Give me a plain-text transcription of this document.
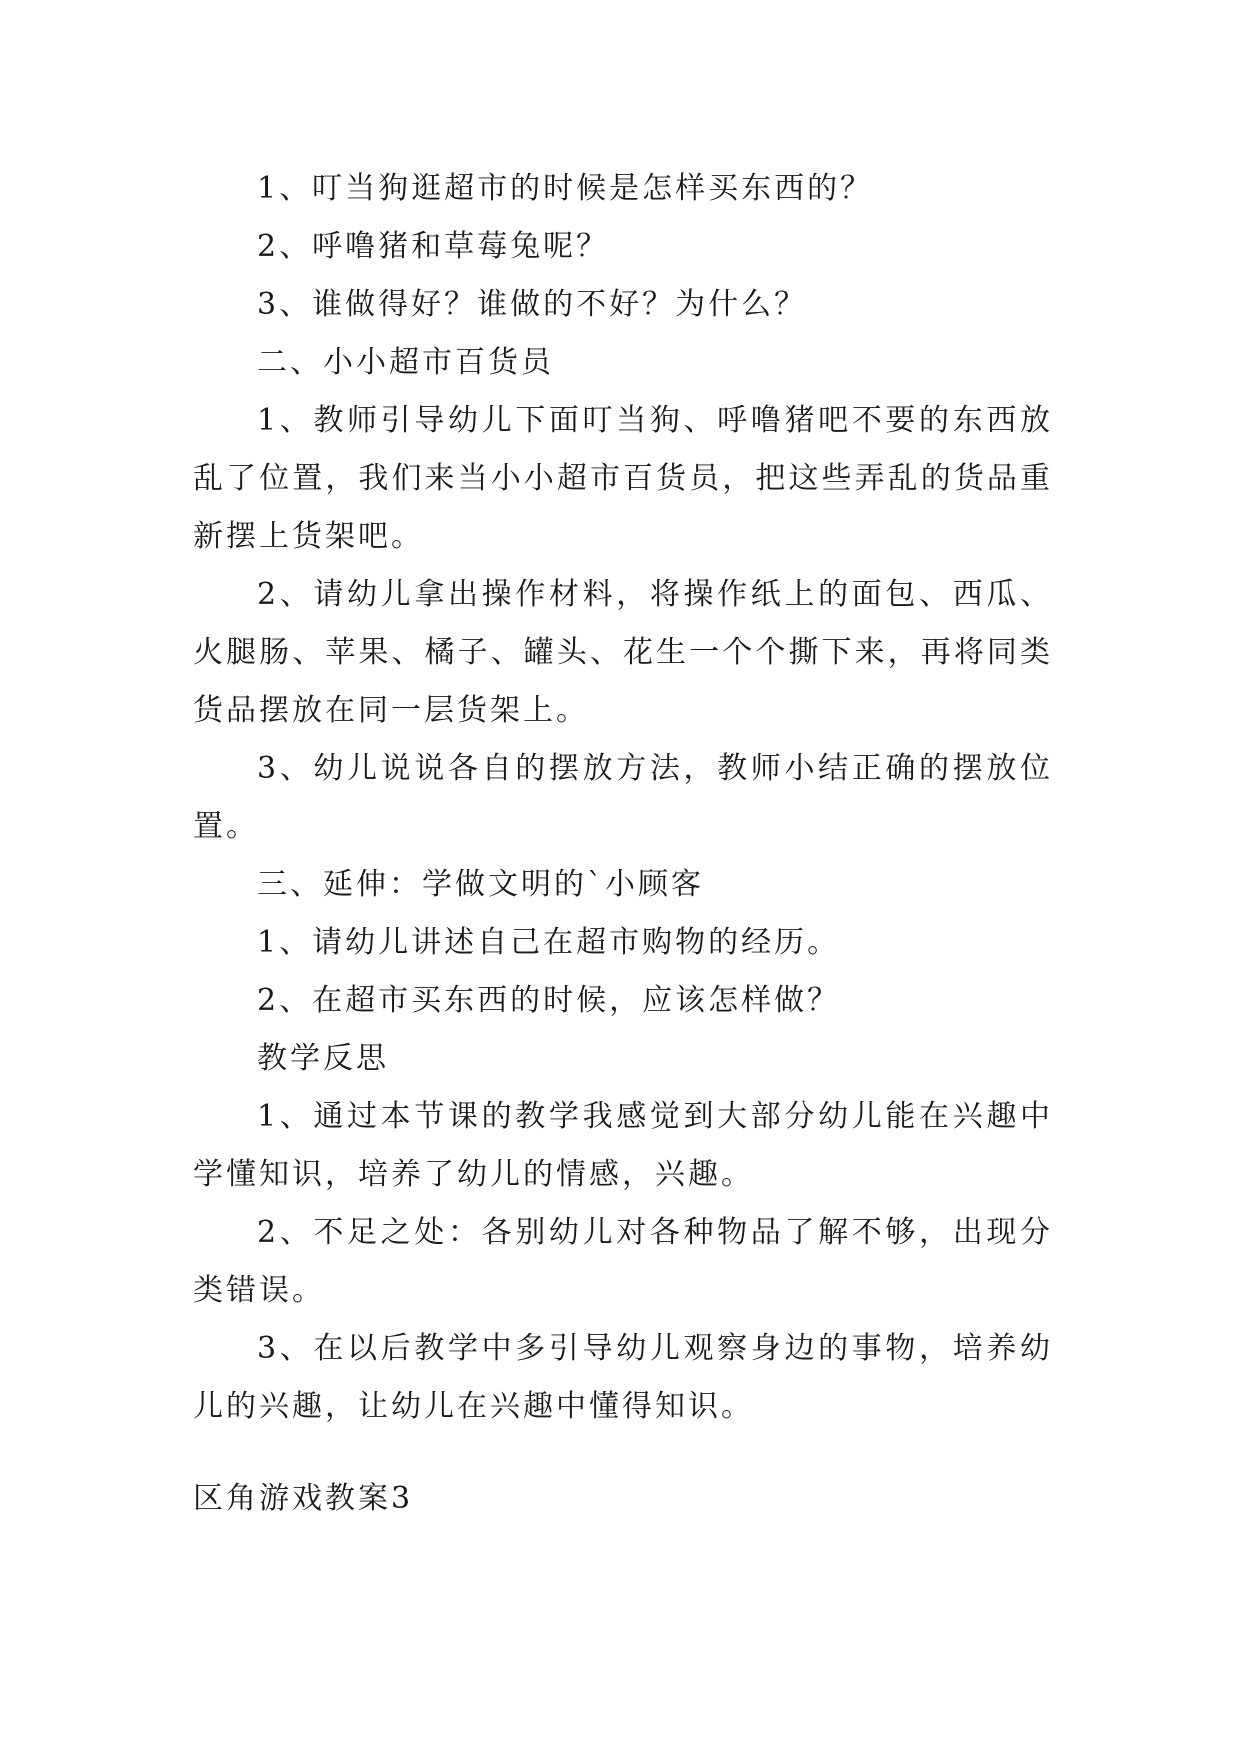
1、叮当狗逛超市的时候是怎样买东西的？

2、呼噜猪和草莓兔呢？

3、谁做得好？谁做的不好？为什么？

二、小小超市百货员

1、教师引导幼儿下面叮当狗、呼噜猪吧不要的东西放乱了位置，我们来当小小超市百货员，把这些弄乱的货品重新摆上货架吧。

2、请幼儿拿出操作材料，将操作纸上的面包、西瓜、火腿肠、苹果、橘子、罐头、花生一个个撕下来，再将同类货品摆放在同一层货架上。

3、幼儿说说各自的摆放方法，教师小结正确的摆放位置。

三、延伸：学做文明的`小顾客

1、请幼儿讲述自己在超市购物的经历。

2、在超市买东西的时候，应该怎样做？

教学反思

1、通过本节课的教学我感觉到大部分幼儿能在兴趣中学懂知识，培养了幼儿的情感，兴趣。

2、不足之处：各别幼儿对各种物品了解不够，出现分类错误。

3、在以后教学中多引导幼儿观察身边的事物，培养幼儿的兴趣，让幼儿在兴趣中懂得知识。

区角游戏教案3
